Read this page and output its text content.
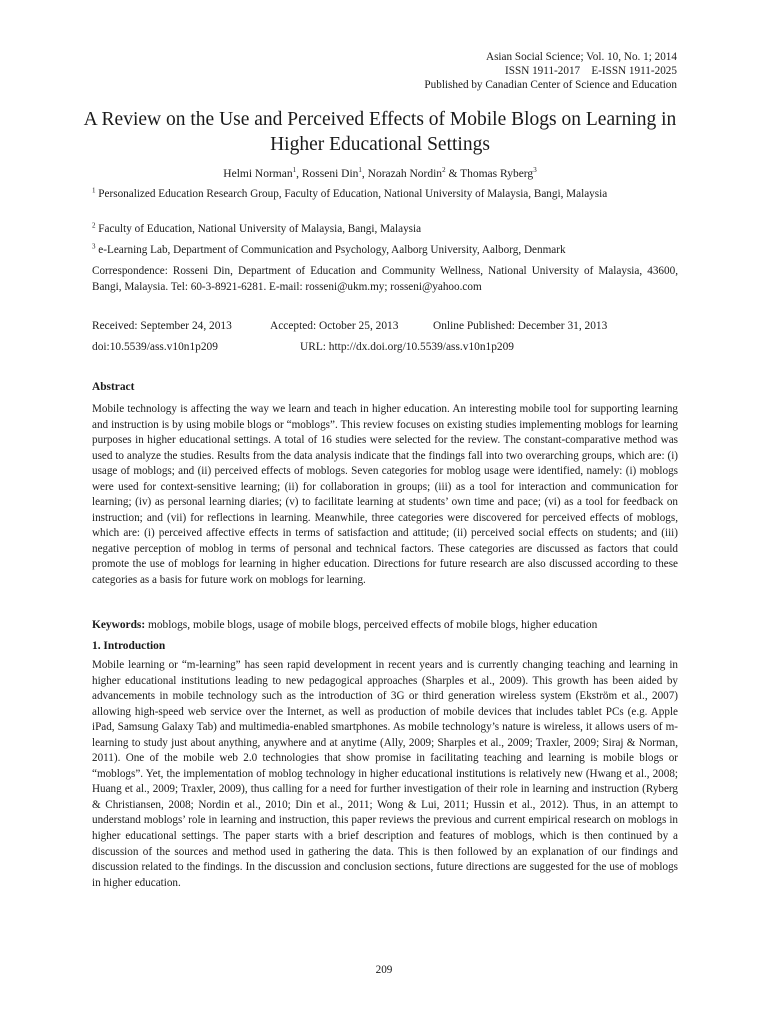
Asian Social Science; Vol. 10, No. 1; 2014
ISSN 1911-2017    E-ISSN 1911-2025
Published by Canadian Center of Science and Education
A Review on the Use and Perceived Effects of Mobile Blogs on Learning in Higher Educational Settings
Helmi Norman$^1$, Rosseni Din$^1$, Norazah Nordin$^2$ & Thomas Ryberg$^3$
$^1$ Personalized Education Research Group, Faculty of Education, National University of Malaysia, Bangi, Malaysia
$^2$ Faculty of Education, National University of Malaysia, Bangi, Malaysia
$^3$ e-Learning Lab, Department of Communication and Psychology, Aalborg University, Aalborg, Denmark
Correspondence: Rosseni Din, Department of Education and Community Wellness, National University of Malaysia, 43600, Bangi, Malaysia. Tel: 60-3-8921-6281. E-mail: rosseni@ukm.my; rosseni@yahoo.com
Received: September 24, 2013	Accepted: October 25, 2013	Online Published: December 31, 2013
doi:10.5539/ass.v10n1p209	URL: http://dx.doi.org/10.5539/ass.v10n1p209
Abstract
Mobile technology is affecting the way we learn and teach in higher education. An interesting mobile tool for supporting learning and instruction is by using mobile blogs or “moblogs”. This review focuses on existing studies implementing moblogs for learning purposes in higher educational settings. A total of 16 studies were selected for the review. The constant-comparative method was used to analyze the studies. Results from the data analysis indicate that the findings fall into two overarching groups, which are: (i) usage of moblogs; and (ii) perceived effects of moblogs. Seven categories for moblog usage were identified, namely: (i) moblogs were used for context-sensitive learning; (ii) for collaboration in groups; (iii) as a tool for interaction and communication for learning; (iv) as personal learning diaries; (v) to facilitate learning at students’ own time and pace; (vi) as a tool for feedback on instruction; and (vii) for reflections in learning. Meanwhile, three categories were discovered for perceived effects of moblogs, which are: (i) perceived affective effects in terms of satisfaction and attitude; (ii) perceived social effects on students; and (iii) negative perception of moblog in terms of personal and technical factors. These categories are discussed as factors that could promote the use of moblogs for learning in higher education. Directions for future research are also discussed according to these categories as a basis for future work on moblogs for learning.
Keywords: moblogs, mobile blogs, usage of mobile blogs, perceived effects of mobile blogs, higher education
1. Introduction
Mobile learning or “m-learning” has seen rapid development in recent years and is currently changing teaching and learning in higher educational institutions leading to new pedagogical approaches (Sharples et al., 2009). This growth has been aided by advancements in mobile technology such as the introduction of 3G or third generation wireless system (Ekström et al., 2007) allowing high-speed web service over the Internet, as well as production of mobile devices that includes tablet PCs (e.g. Apple iPad, Samsung Galaxy Tab) and multimedia-enabled smartphones. As mobile technology’s nature is wireless, it allows users of m-learning to study just about anything, anywhere and at anytime (Ally, 2009; Sharples et al., 2009; Traxler, 2009; Siraj & Norman, 2011). One of the mobile web 2.0 technologies that show promise in facilitating teaching and learning is mobile blogs or “moblogs”. Yet, the implementation of moblog technology in higher educational institutions is relatively new (Hwang et al., 2008; Huang et al., 2009; Traxler, 2009), thus calling for a need for further investigation of their role in learning and instruction (Ryberg & Christiansen, 2008; Nordin et al., 2010; Din et al., 2011; Wong & Lui, 2011; Hussin et al., 2012). Thus, in an attempt to understand moblogs’ role in learning and instruction, this paper reviews the previous and current empirical research on moblogs in higher educational settings. The paper starts with a brief description and features of moblogs, which is then continued by a discussion of the sources and method used in gathering the data. This is then followed by an explanation of our findings and discussion related to the findings. In the discussion and conclusion sections, future directions are suggested for the use of moblogs in higher education.
209
